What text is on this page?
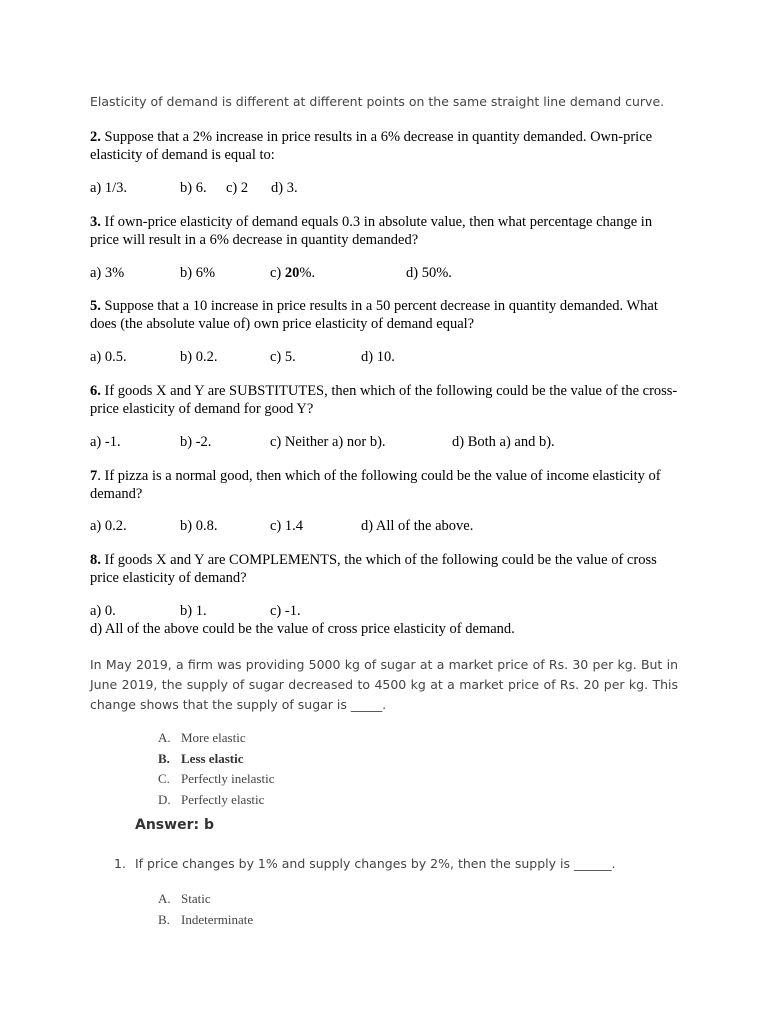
Elasticity of demand is different at different points on the same straight line demand curve.
2. Suppose that a 2% increase in price results in a 6% decrease in quantity demanded. Own-price elasticity of demand is equal to:
a) 1/3.	b) 6. c) 2 d) 3.
3. If own-price elasticity of demand equals 0.3 in absolute value, then what percentage change in price will result in a 6% decrease in quantity demanded?
a) 3%	b) 6%	c) 20%.	d) 50%.
5. Suppose that a 10 increase in price results in a 50 percent decrease in quantity demanded. What does (the absolute value of) own price elasticity of demand equal?
a) 0.5.	b) 0.2.	c) 5.	d) 10.
6. If goods X and Y are SUBSTITUTES, then which of the following could be the value of the cross-price elasticity of demand for good Y?
a) -1.	b) -2.	c) Neither a) nor b).	d) Both a) and b).
7. If pizza is a normal good, then which of the following could be the value of income elasticity of demand?
a) 0.2.	b) 0.8.	c) 1.4	d) All of the above.
8. If goods X and Y are COMPLEMENTS, the which of the following could be the value of cross price elasticity of demand?
a) 0.	b) 1.	c) -1.
d) All of the above could be the value of cross price elasticity of demand.
In May 2019, a firm was providing 5000 kg of sugar at a market price of Rs. 30 per kg. But in June 2019, the supply of sugar decreased to 4500 kg at a market price of Rs. 20 per kg. This change shows that the supply of sugar is _____.
A. More elastic
B. Less elastic
C. Perfectly inelastic
D. Perfectly elastic
Answer: b
1. If price changes by 1% and supply changes by 2%, then the supply is ______.
A. Static
B. Indeterminate
